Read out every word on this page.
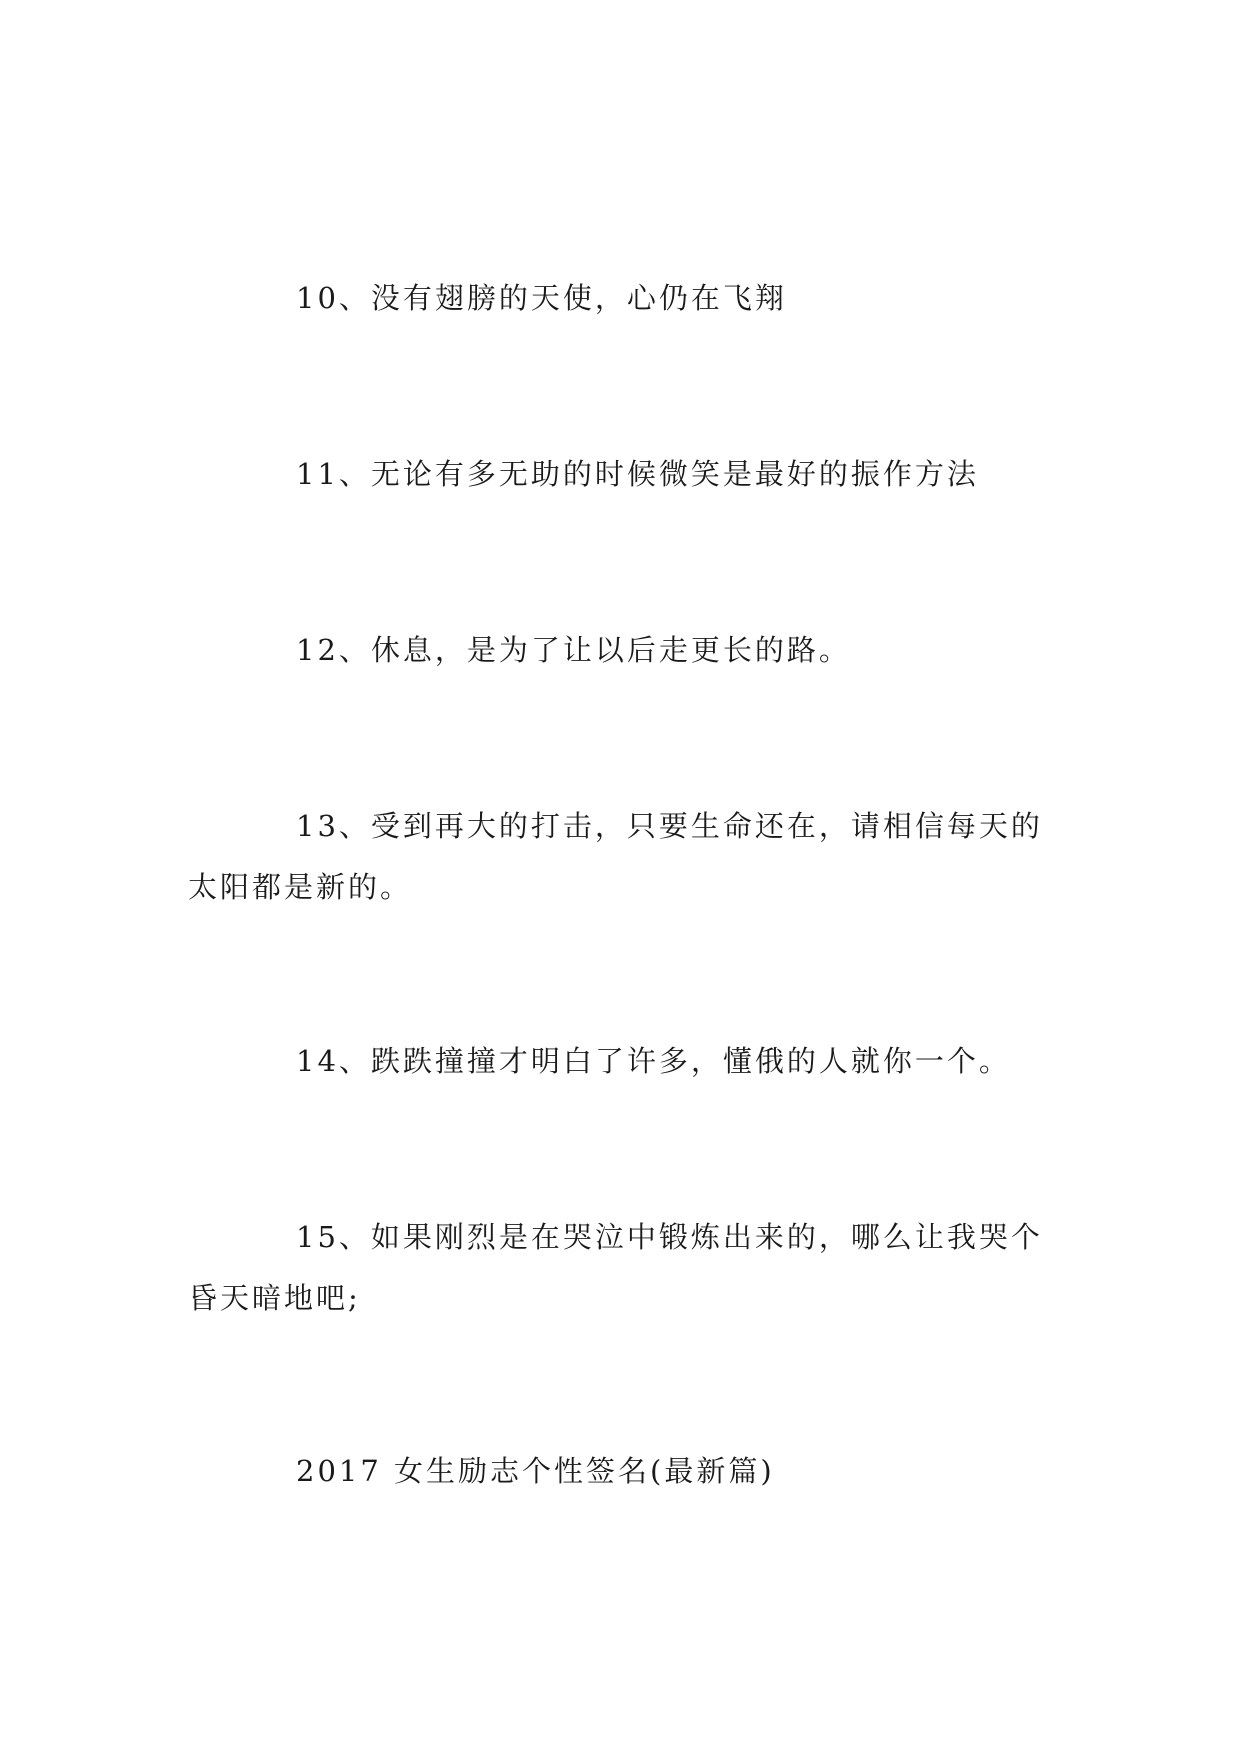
10、没有翅膀的天使，心仍在飞翔

11、无论有多无助的时候微笑是最好的振作方法

12、休息，是为了让以后走更长的路。

13、受到再大的打击，只要生命还在，请相信每天的太阳都是新的。

14、跌跌撞撞才明白了许多，懂俄的人就你一个。

15、如果刚烈是在哭泣中锻炼出来的，哪么让我哭个昏天暗地吧;

2017 女生励志个性签名(最新篇)
